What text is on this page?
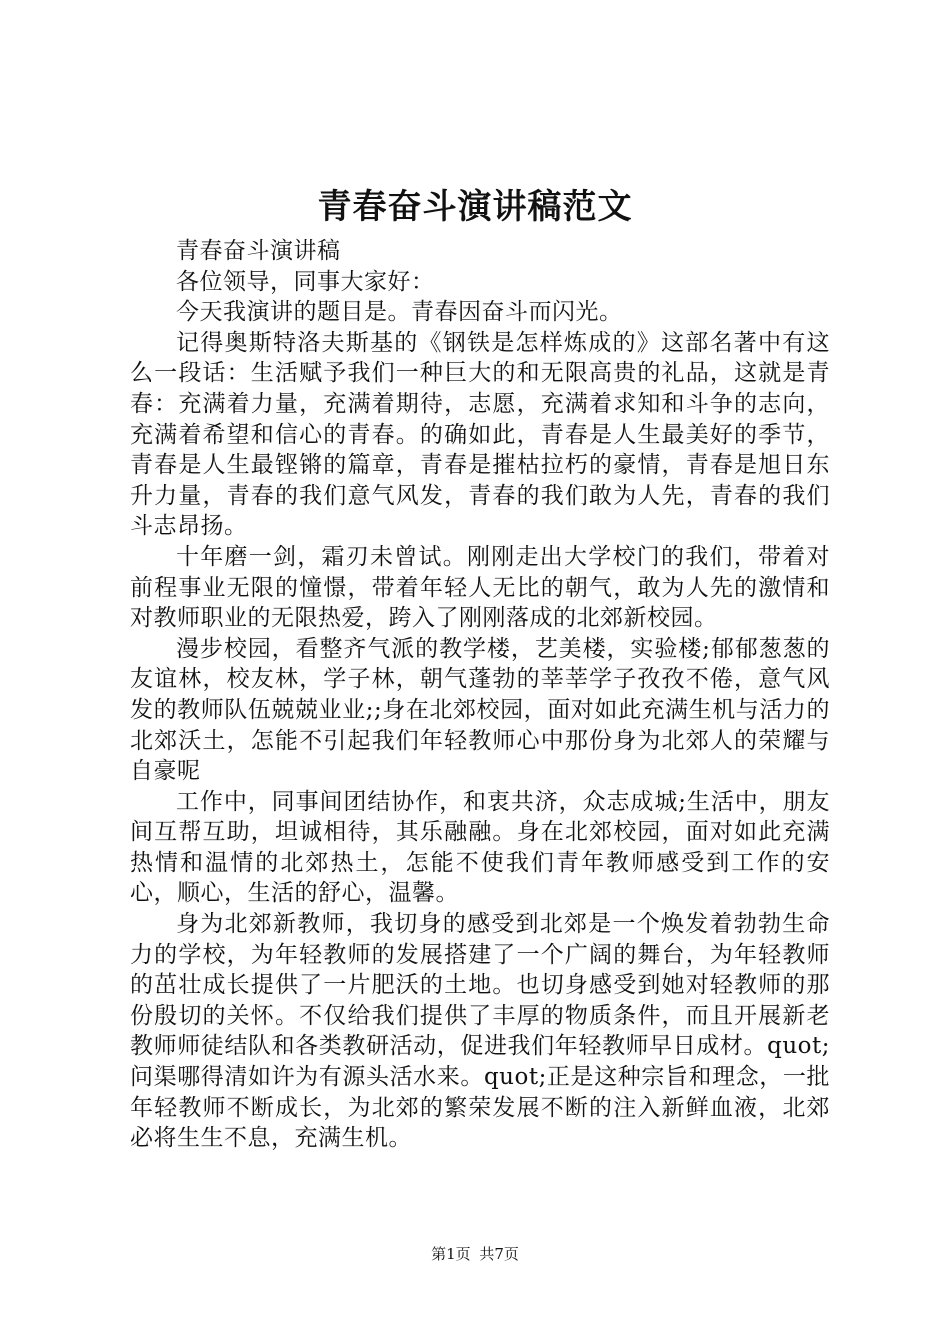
青春奋斗演讲稿范文

青春奋斗演讲稿

各位领导，同事大家好：

今天我演讲的题目是。青春因奋斗而闪光。

记得奥斯特洛夫斯基的《钢铁是怎样炼成的》这部名著中有这么一段话：生活赋予我们一种巨大的和无限高贵的礼品，这就是青春：充满着力量，充满着期待，志愿，充满着求知和斗争的志向，充满着希望和信心的青春。的确如此，青春是人生最美好的季节，青春是人生最铿锵的篇章，青春是摧枯拉朽的豪情，青春是旭日东升力量，青春的我们意气风发，青春的我们敢为人先，青春的我们斗志昂扬。

十年磨一剑，霜刃未曾试。刚刚走出大学校门的我们，带着对前程事业无限的憧憬，带着年轻人无比的朝气，敢为人先的激情和对教师职业的无限热爱，跨入了刚刚落成的北郊新校园。

漫步校园，看整齐气派的教学楼，艺美楼，实验楼;郁郁葱葱的友谊林，校友林，学子林，朝气蓬勃的莘莘学子孜孜不倦，意气风发的教师队伍兢兢业业;;身在北郊校园，面对如此充满生机与活力的北郊沃土，怎能不引起我们年轻教师心中那份身为北郊人的荣耀与自豪呢

工作中，同事间团结协作，和衷共济，众志成城;生活中，朋友间互帮互助，坦诚相待，其乐融融。身在北郊校园，面对如此充满热情和温情的北郊热土，怎能不使我们青年教师感受到工作的安心，顺心，生活的舒心，温馨。

身为北郊新教师，我切身的感受到北郊是一个焕发着勃勃生命力的学校，为年轻教师的发展搭建了一个广阔的舞台，为年轻教师的茁壮成长提供了一片肥沃的土地。也切身感受到她对轻教师的那份殷切的关怀。不仅给我们提供了丰厚的物质条件，而且开展新老教师师徒结队和各类教研活动，促进我们年轻教师早日成材。quot;问渠哪得清如许为有源头活水来。quot;正是这种宗旨和理念，一批年轻教师不断成长，为北郊的繁荣发展不断的注入新鲜血液，北郊必将生生不息，充满生机。

第1页 共7页
